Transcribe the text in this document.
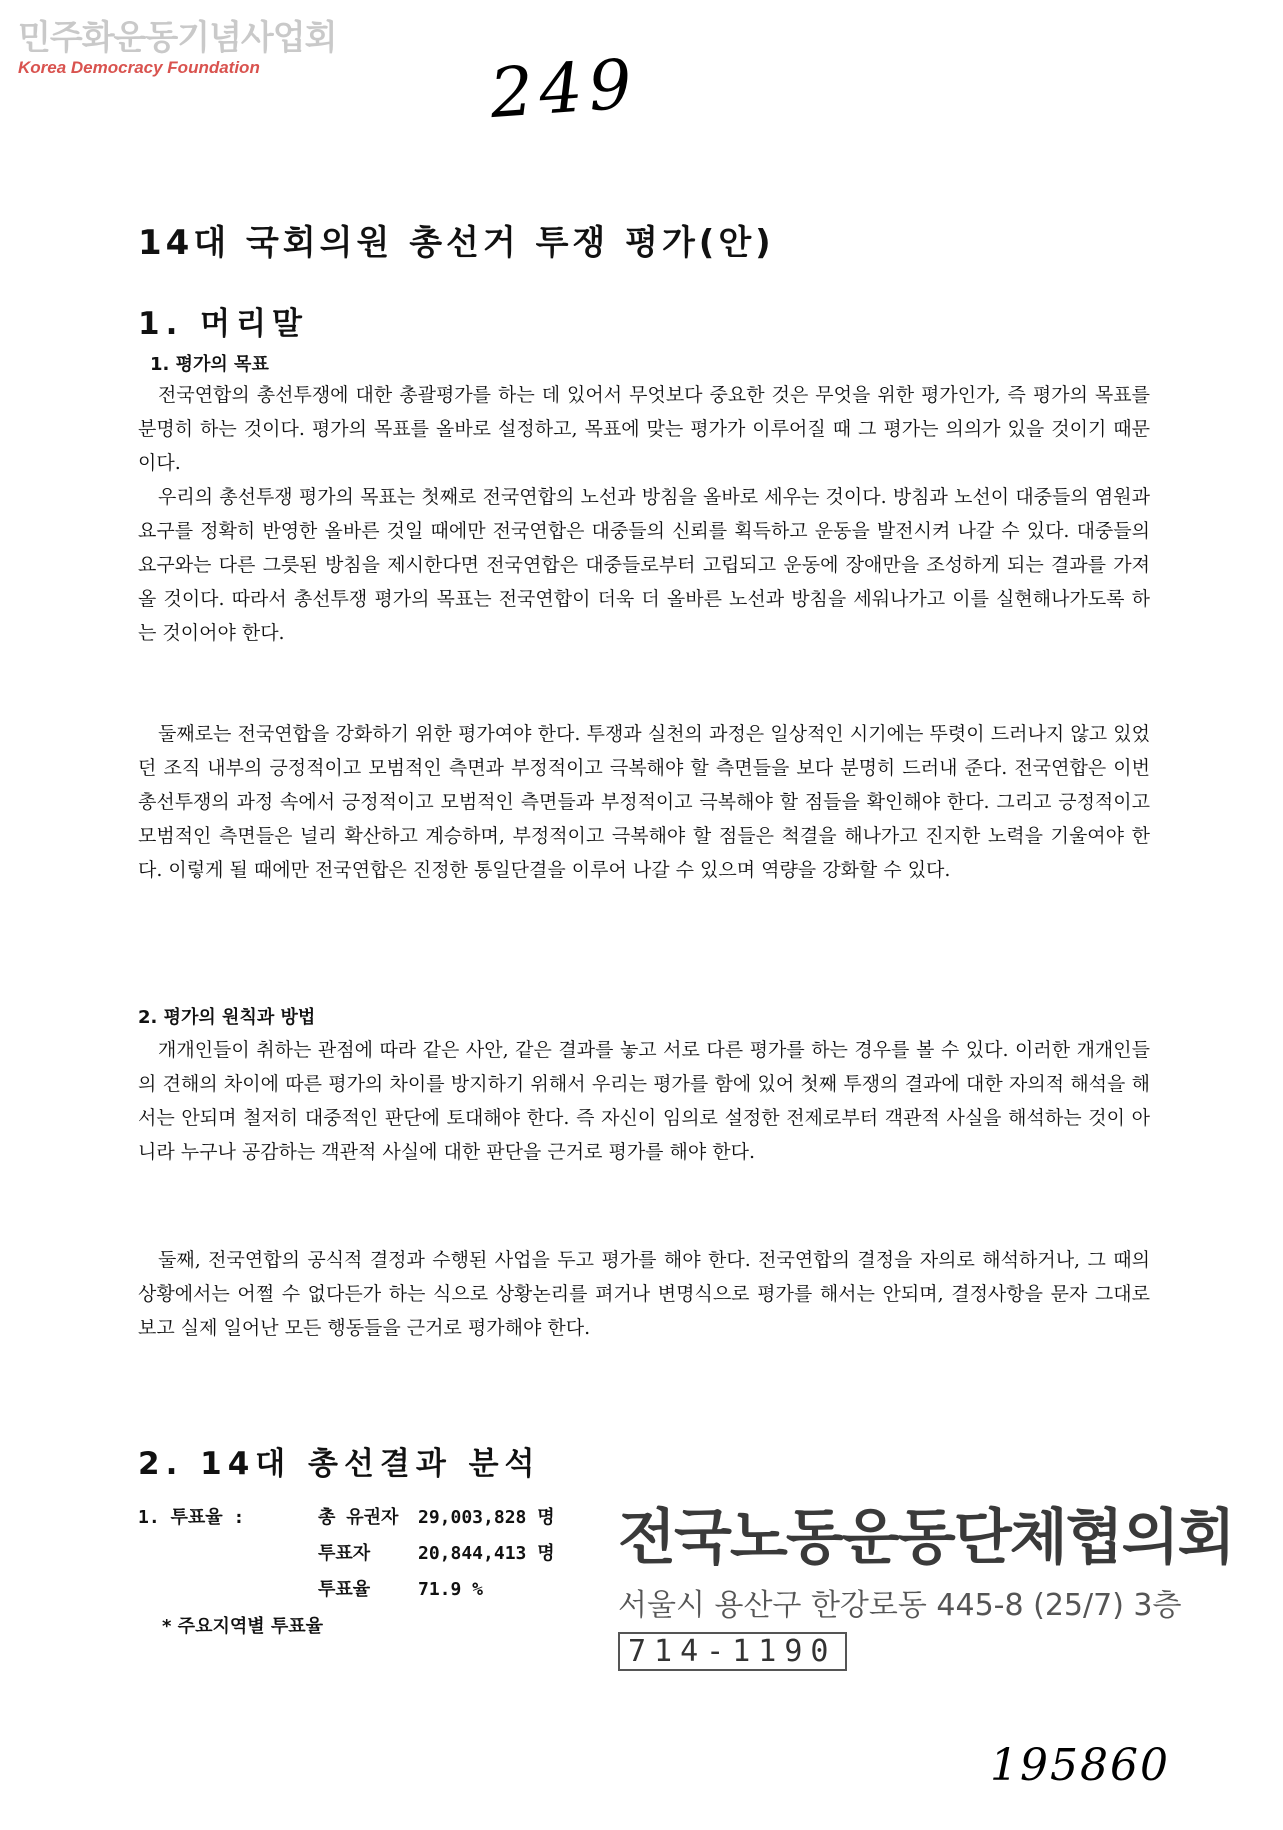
민주화운동기념사업회
Korea Democracy Foundation	249
14대 국회의원 총선거 투쟁 평가(안)
1. 머리말
1. 평가의 목표

전국연합의 총선투쟁에 대한 총괄평가를 하는 데 있어서 무엇보다 중요한 것은 무엇을 위한 평가인가, 즉 평가의 목표를 분명히 하는 것이다. 평가의 목표를 올바로 설정하고, 목표에 맞는 평가가 이루어질 때 그 평가는 의의가 있을 것이기 때문이다.

우리의 총선투쟁 평가의 목표는 첫째로 전국연합의 노선과 방침을 올바로 세우는 것이다. 방침과 노선이 대중들의 염원과 요구를 정확히 반영한 올바른 것일 때에만 전국연합은 대중들의 신뢰를 획득하고 운동을 발전시켜 나갈 수 있다. 대중들의 요구와는 다른 그릇된 방침을 제시한다면 전국연합은 대중들로부터 고립되고 운동에 장애만을 조성하게 되는 결과를 가져올 것이다. 따라서 총선투쟁 평가의 목표는 전국연합이 더욱 더 올바른 노선과 방침을 세워나가고 이를 실현해나가도록 하는 것이어야 한다.

둘째로는 전국연합을 강화하기 위한 평가여야 한다. 투쟁과 실천의 과정은 일상적인 시기에는 뚜렷이 드러나지 않고 있었던 조직 내부의 긍정적이고 모범적인 측면과 부정적이고 극복해야 할 측면들을 보다 분명히 드러내 준다. 전국연합은 이번 총선투쟁의 과정 속에서 긍정적이고 모범적인 측면들과 부정적이고 극복해야 할 점들을 확인해야 한다. 그리고 긍정적이고 모범적인 측면들은 널리 확산하고 계승하며, 부정적이고 극복해야 할 점들은 척결을 해나가고 진지한 노력을 기울여야 한다. 이렇게 될 때에만 전국연합은 진정한 통일단결을 이루어 나갈 수 있으며 역량을 강화할 수 있다.

2. 평가의 원칙과 방법

개개인들이 취하는 관점에 따라 같은 사안, 같은 결과를 놓고 서로 다른 평가를 하는 경우를 볼 수 있다. 이러한 개개인들의 견해의 차이에 따른 평가의 차이를 방지하기 위해서 우리는 평가를 함에 있어 첫째 투쟁의 결과에 대한 자의적 해석을 해서는 안되며 철저히 대중적인 판단에 토대해야 한다. 즉 자신이 임의로 설정한 전제로부터 객관적 사실을 해석하는 것이 아니라 누구나 공감하는 객관적 사실에 대한 판단을 근거로 평가를 해야 한다.

둘째, 전국연합의 공식적 결정과 수행된 사업을 두고 평가를 해야 한다. 전국연합의 결정을 자의로 해석하거나, 그 때의 상황에서는 어쩔 수 없다든가 하는 식으로 상황논리를 펴거나 변명식으로 평가를 해서는 안되며, 결정사항을 문자 그대로 보고 실제 일어난 모든 행동들을 근거로 평가해야 한다.

2. 14대 총선결과 분석
1. 투표율 :	총 유권자	29,003,828 명
투표자	20,844,413 명
투표율	71.9 %
* 주요지역별 투표율
전국노동운동단체협의회
서울시 용산구 한강로동 445-8 (25/7) 3층
714-1190
195860
